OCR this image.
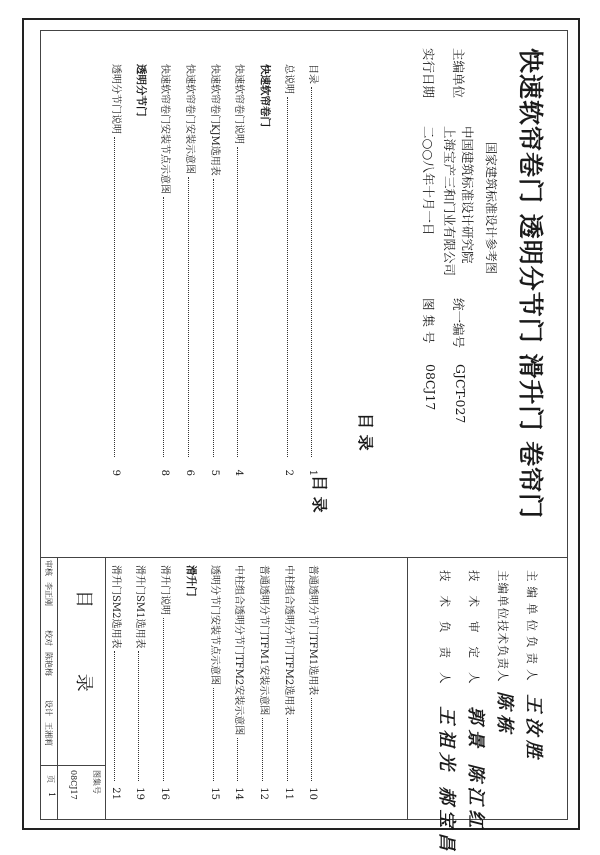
快速软帘卷门 透明分节门 滑升门 卷帘门
国家建筑标准设计参考图
主编单位
中国建筑标准设计研究院
上海宝产三和门业有限公司
实行日期
二○○八年十月一日
统一编号
GJCT-027
图 集 号
08CJ17
目 录
目 录
目录
1
总说明
2
快速软帘卷门
快速软帘卷门说明
4
快速软帘卷门KJM选用表
5
快速软帘卷门安装示意图
6
快速软帘卷门安装节点示意图
8
透明分节门
透明分节门说明
9
普通透明分节门TFM1选用表
10
中柱组合透明分节门TFM2选用表
11
普通透明分节门TFM1安装示意图
12
中柱组合透明分节门TFM2安装示意图
14
透明分节门安装节点示意图
15
滑升门
滑升门说明
16
滑升门SM1选用表
19
滑升门SM2选用表
21
主编单位负责人 王汝胜
主编单位技术负责人 陈栋
技术审定人 郭景 陈江红
技术负责人 王祖光 郝宝昌
目 录
图集号
08CJ17
页
1
审核
李正刚
校对
陈艳梅
设计
王湘莉
